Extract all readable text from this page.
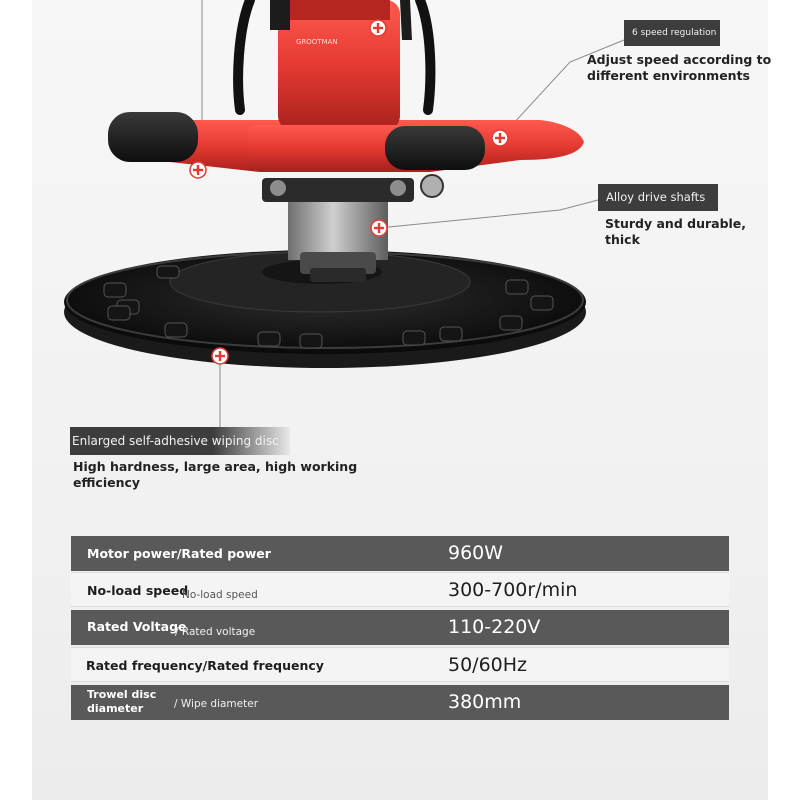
GROOTMAN
6 speed regulation
Adjust speed according to different environments
Alloy drive shafts
Sturdy and durable, thick
Enlarged self-adhesive wiping disc
High hardness, large area, high working efficiency
Motor power/Rated power	960W
No-load speed
No-load speed	300-700r/min
Rated Voltage
/ Rated voltage	110-220V
Rated frequency/Rated frequency	50/60Hz
Trowel disc diameter	/ Wipe diameter	380mm
